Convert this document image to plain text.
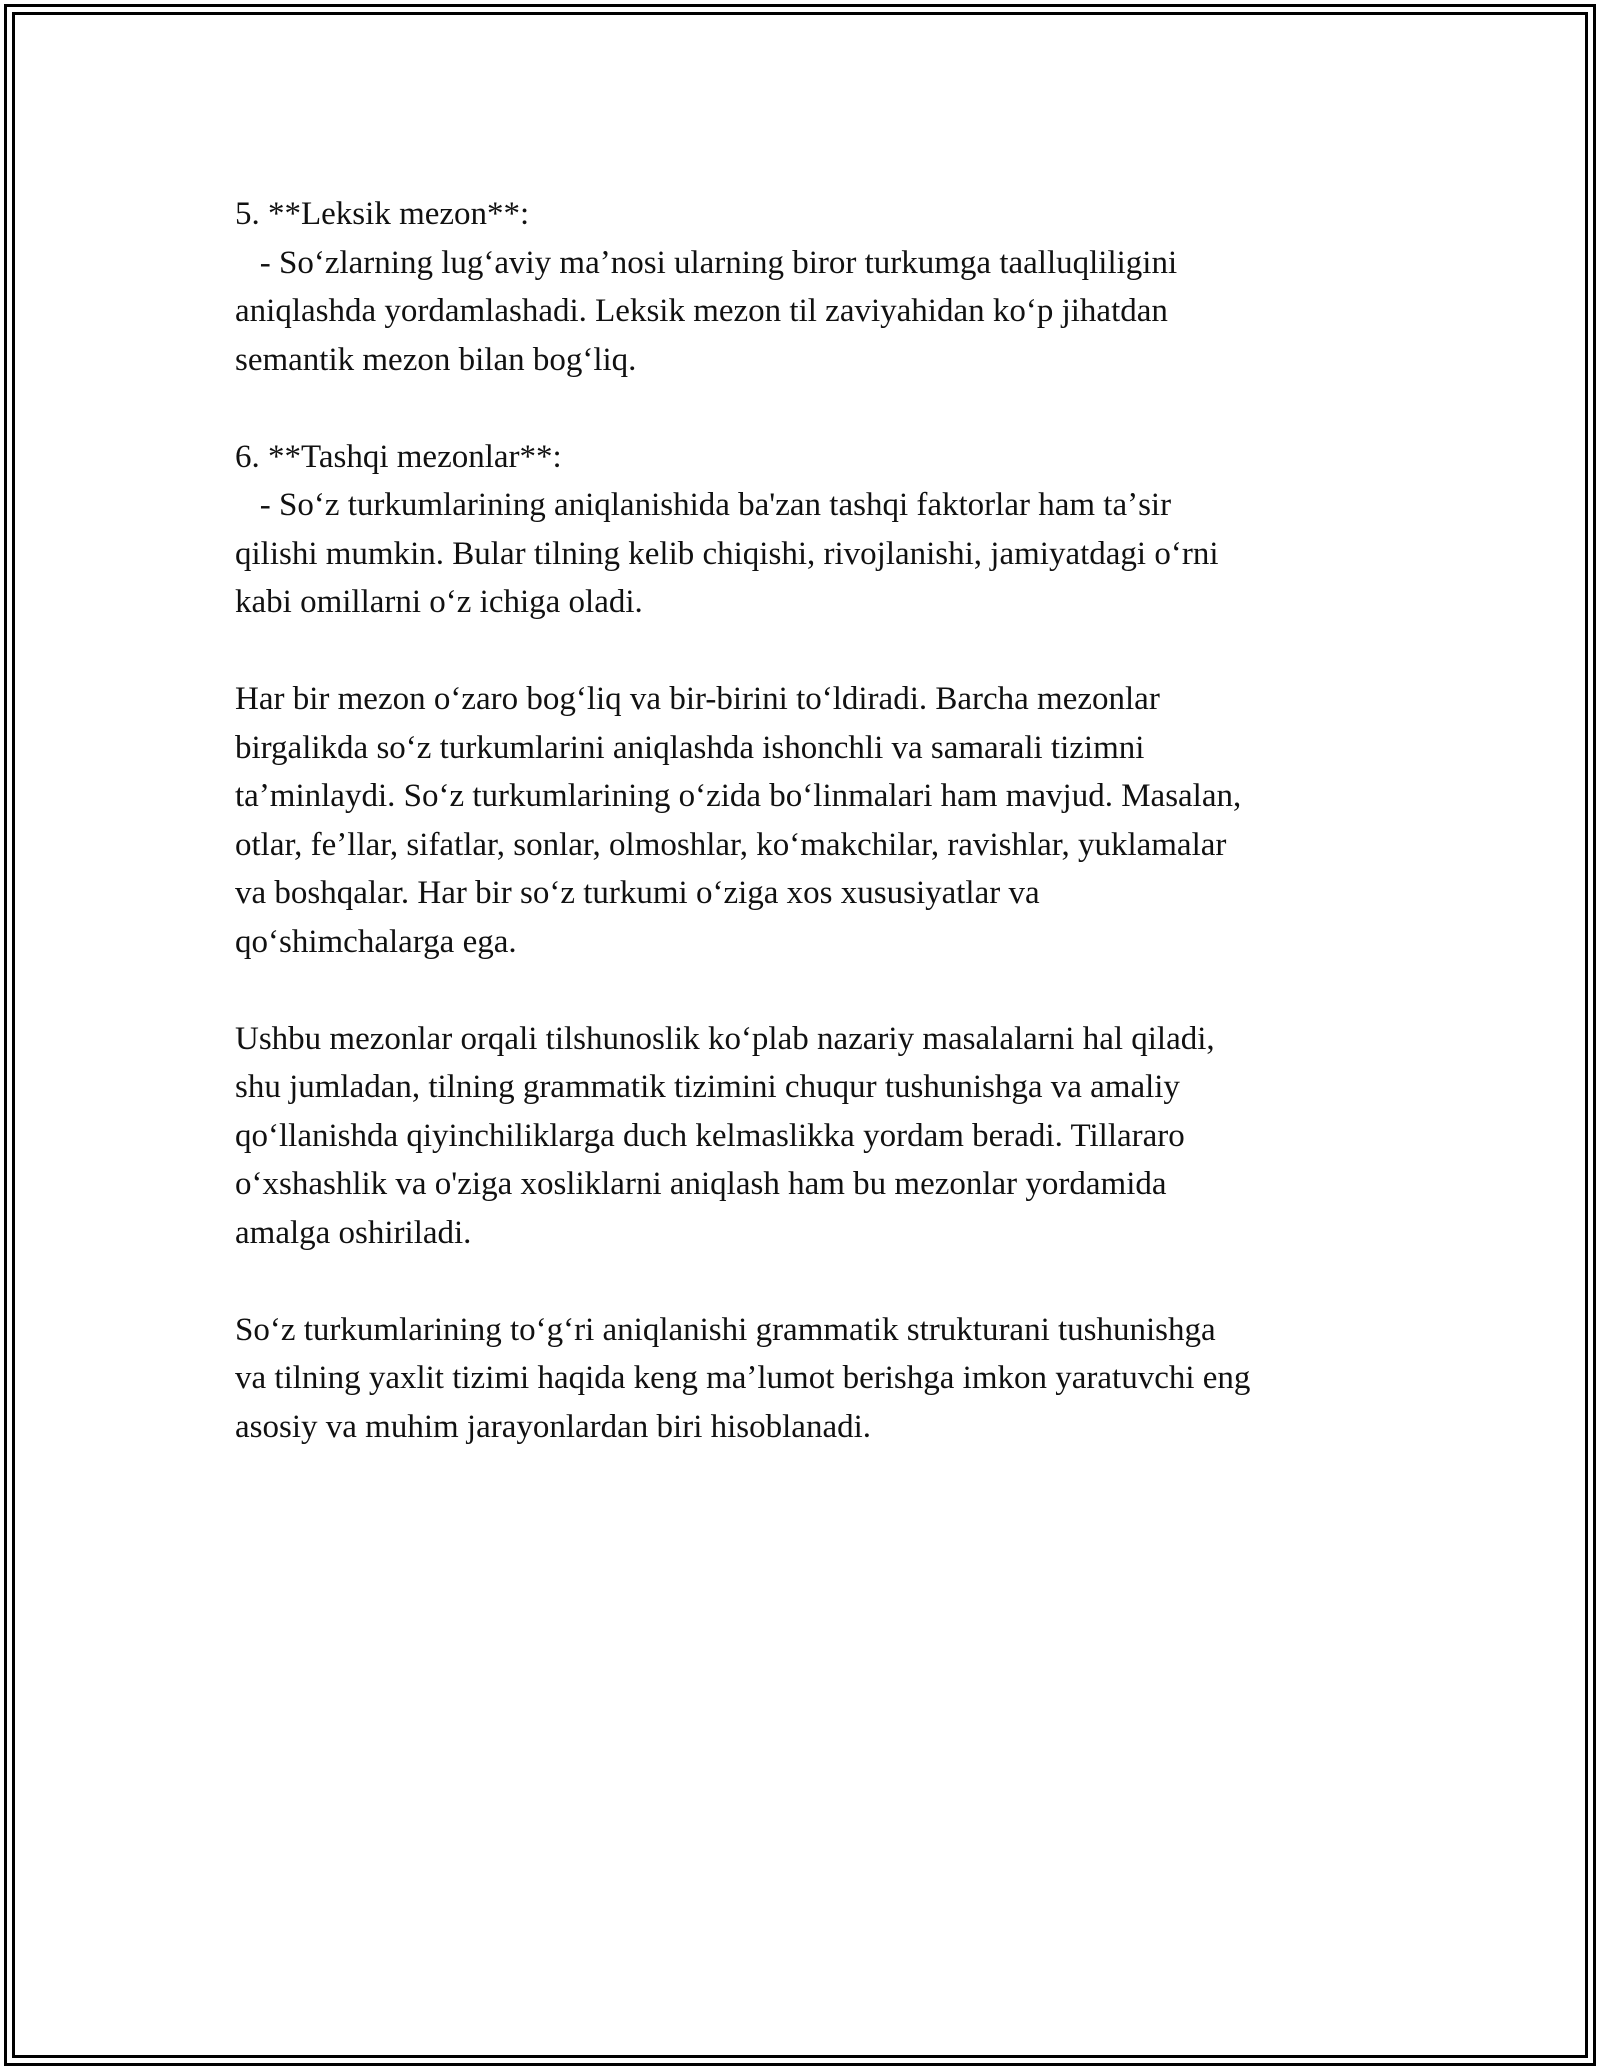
5. **Leksik mezon**:
- Soʻzlarning lugʻaviy maʼnosi ularning biror turkumga taalluqliligini
aniqlashda yordamlashadi. Leksik mezon til zaviyahidan koʻp jihatdan
semantik mezon bilan bogʻliq.
6. **Tashqi mezonlar**:
- Soʻz turkumlarining aniqlanishida ba'zan tashqi faktorlar ham taʼsir
qilishi mumkin. Bular tilning kelib chiqishi, rivojlanishi, jamiyatdagi oʻrni
kabi omillarni oʻz ichiga oladi.
Har bir mezon oʻzaro bogʻliq va bir-birini toʻldiradi. Barcha mezonlar
birgalikda soʻz turkumlarini aniqlashda ishonchli va samarali tizimni
taʼminlaydi. Soʻz turkumlarining oʻzida boʻlinmalari ham mavjud. Masalan,
otlar, feʼllar, sifatlar, sonlar, olmoshlar, koʻmakchilar, ravishlar, yuklamalar
va boshqalar. Har bir soʻz turkumi oʻziga xos xususiyatlar va
qoʻshimchalarga ega.
Ushbu mezonlar orqali tilshunoslik koʻplab nazariy masalalarni hal qiladi,
shu jumladan, tilning grammatik tizimini chuqur tushunishga va amaliy
qoʻllanishda qiyinchiliklarga duch kelmaslikka yordam beradi. Tillararo
oʻxshashlik va o'ziga xosliklarni aniqlash ham bu mezonlar yordamida
amalga oshiriladi.
Soʻz turkumlarining toʻgʻri aniqlanishi grammatik strukturani tushunishga
va tilning yaxlit tizimi haqida keng maʼlumot berishga imkon yaratuvchi eng
asosiy va muhim jarayonlardan biri hisoblanadi.
